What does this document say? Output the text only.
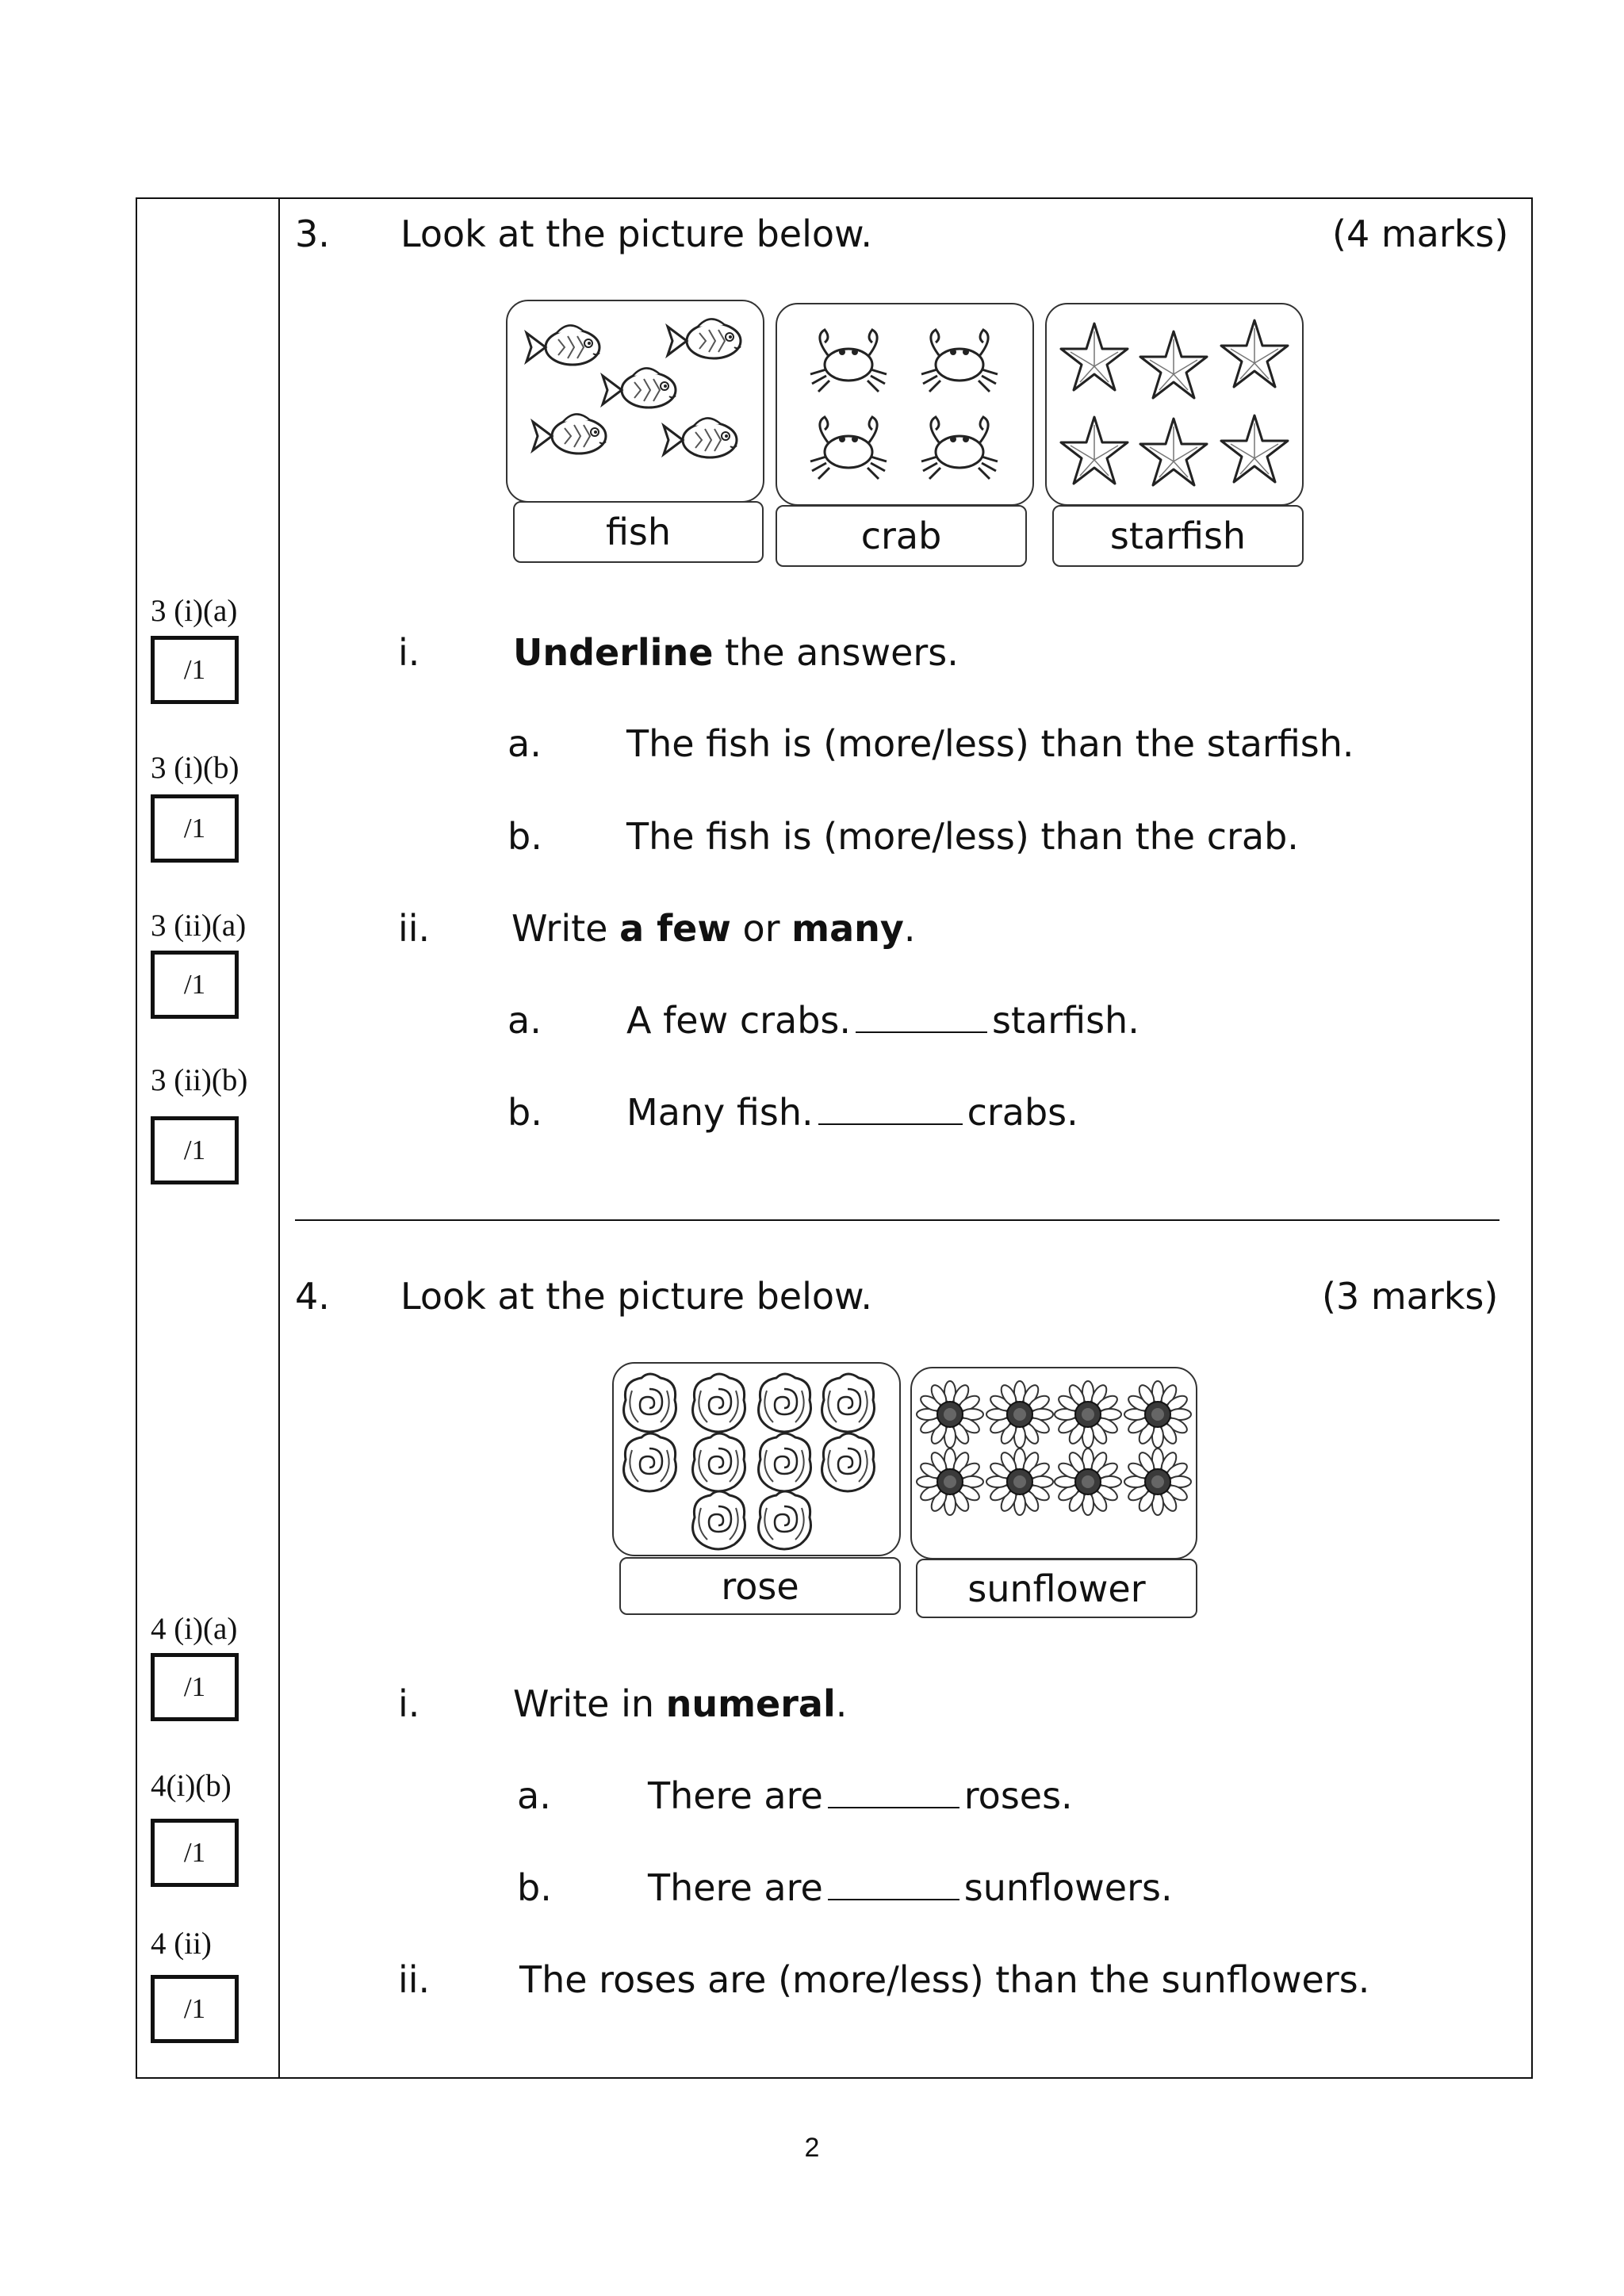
3 (i)(a)
/1
3 (i)(b)
/1
3 (ii)(a)
/1
3 (ii)(b)
/1
4 (i)(a)
/1
4(i)(b)
/1
4 (ii)
/1
3. Look at the picture below.	(4 marks)
fish	crab	starfish
i.	Underline the answers.
a. The fish is (more/less) than the starfish.
b. The fish is (more/less) than the crab.
ii. Write a few or many.
a. A few crabs.	starfish.
b. Many fish.	crabs.
4. Look at the picture below.	(3 marks)
rose	sunflower
i.	Write in numeral.
a.	There are	roses.
b.	There are	sunflowers.
ii. The roses are (more/less) than the sunflowers.
2
